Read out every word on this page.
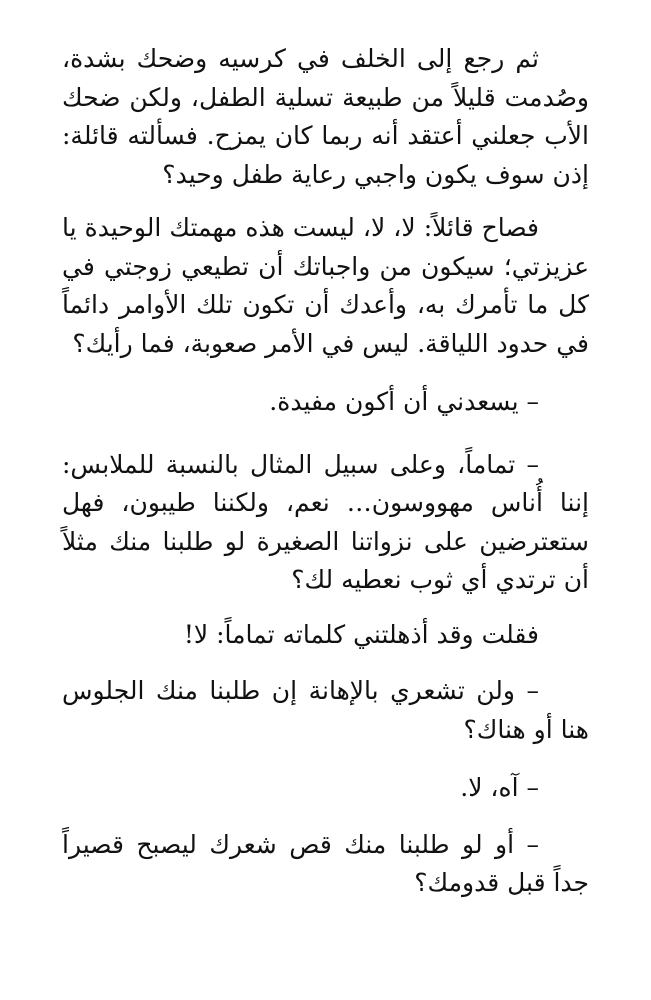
ثم رجع إلى الخلف في كرسيه وضحك بشدة، وصُدمت قليلاً من طبيعة تسلية الطفل، ولكن ضحك الأب جعلني أعتقد أنه ربما كان يمزح. فسألته قائلة: إذن سوف يكون واجبي رعاية طفل وحيد؟

فصاح قائلاً: لا، لا، ليست هذه مهمتك الوحيدة يا عزيزتي؛ سيكون من واجباتك أن تطيعي زوجتي في كل ما تأمرك به، وأعدك أن تكون تلك الأوامر دائماً في حدود اللياقة. ليس في الأمر صعوبة، فما رأيك؟

– يسعدني أن أكون مفيدة.

– تماماً، وعلى سبيل المثال بالنسبة للملابس: إننا أُناس مهووسون… نعم، ولكننا طيبون، فهل ستعترضين على نزواتنا الصغيرة لو طلبنا منك مثلاً أن ترتدي أي ثوب نعطيه لك؟

فقلت وقد أذهلتني كلماته تماماً: لا!

– ولن تشعري بالإهانة إن طلبنا منك الجلوس هنا أو هناك؟

– آه، لا.

– أو لو طلبنا منك قص شعرك ليصبح قصيراً جداً قبل قدومك؟
